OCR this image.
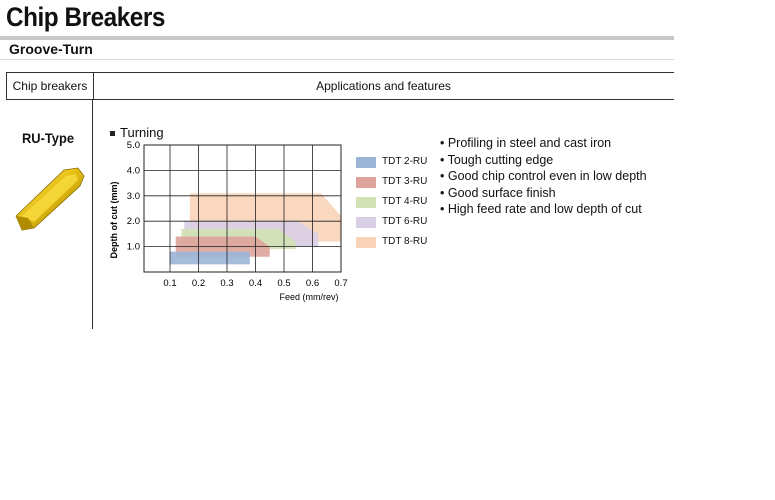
Chip Breakers
Groove-Turn
Chip breakers	Applications and features
RU-Type	Turning
0.1 0.2 0.3 0.4 0.5 0.6 0.7
1.0
2.0
3.0
4.0
5.0
Depth of cut (mm)
Feed (mm/rev)
TDT 2-RU
TDT 3-RU
TDT 4-RU
TDT 6-RU
TDT 8-RU
• Profiling in steel and cast iron
• Tough cutting edge
• Good chip control even in low depth
• Good surface finish
• High feed rate and low depth of cut
